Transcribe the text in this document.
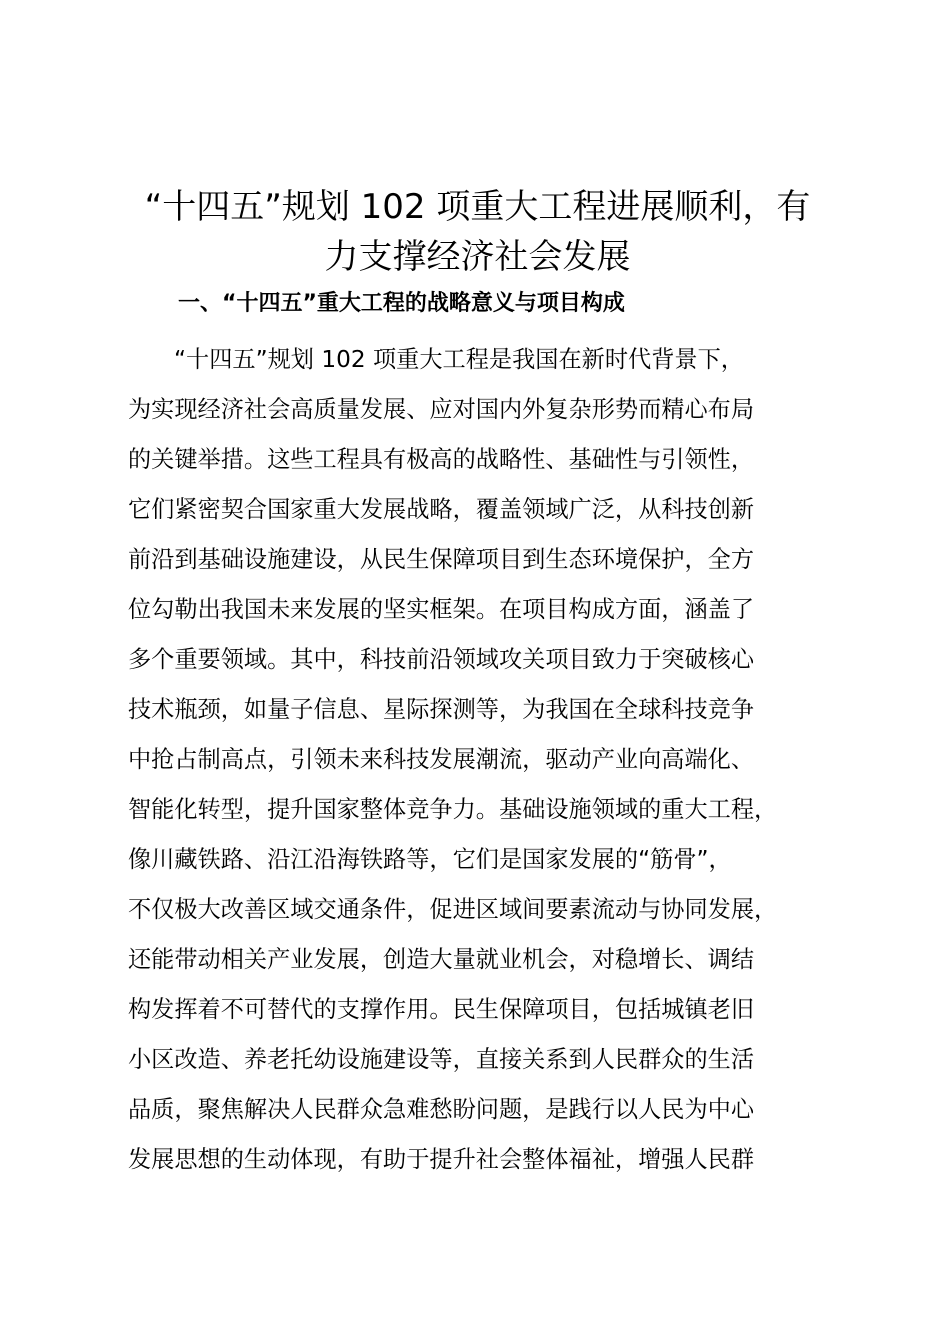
“十四五”规划 102 项重大工程进展顺利，有
力支撑经济社会发展
一、“十四五”重大工程的战略意义与项目构成
“十四五”规划 102 项重大工程是我国在新时代背景下，
为实现经济社会高质量发展、应对国内外复杂形势而精心布局
的关键举措。这些工程具有极高的战略性、基础性与引领性，
它们紧密契合国家重大发展战略，覆盖领域广泛，从科技创新
前沿到基础设施建设，从民生保障项目到生态环境保护，全方
位勾勒出我国未来发展的坚实框架。在项目构成方面，涵盖了
多个重要领域。其中，科技前沿领域攻关项目致力于突破核心
技术瓶颈，如量子信息、星际探测等，为我国在全球科技竞争
中抢占制高点，引领未来科技发展潮流，驱动产业向高端化、
智能化转型，提升国家整体竞争力。基础设施领域的重大工程，
像川藏铁路、沿江沿海铁路等，它们是国家发展的“筋骨”，
不仅极大改善区域交通条件，促进区域间要素流动与协同发展，
还能带动相关产业发展，创造大量就业机会，对稳增长、调结
构发挥着不可替代的支撑作用。民生保障项目，包括城镇老旧
小区改造、养老托幼设施建设等，直接关系到人民群众的生活
品质，聚焦解决人民群众急难愁盼问题，是践行以人民为中心
发展思想的生动体现，有助于提升社会整体福祉，增强人民群
